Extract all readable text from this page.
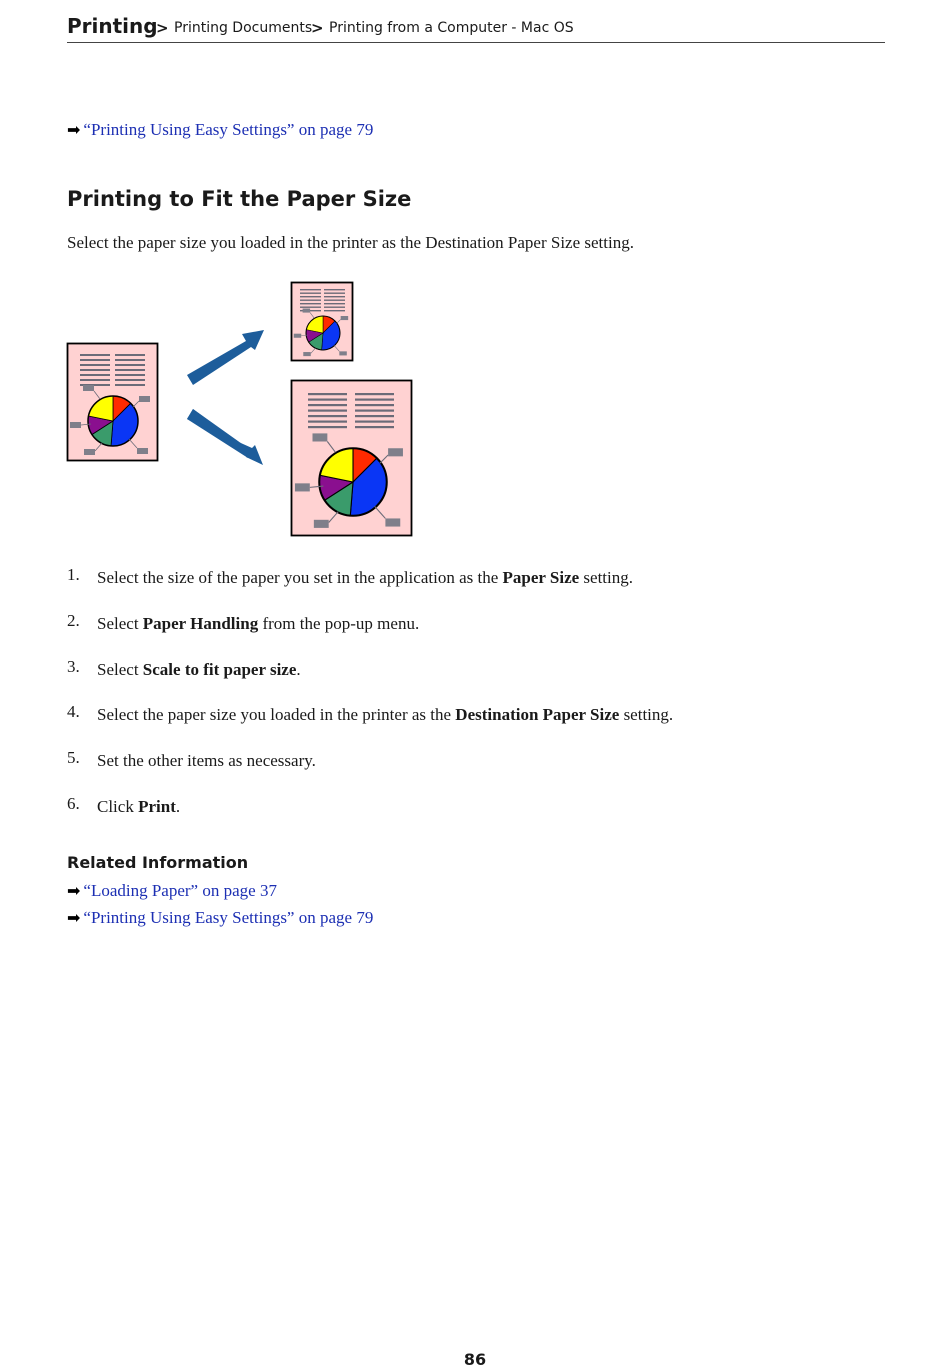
Printing
> Printing Documents
> Printing from a Computer - Mac OS
➡ “Printing Using Easy Settings” on page 79
Printing to Fit the Paper Size

Select the paper size you loaded in the printer as the Destination Paper Size setting.

1.	Select the size of the paper you set in the application as the Paper Size setting.
2.	Select Paper Handling from the pop-up menu.
3.	Select Scale to fit paper size.
4.	Select the paper size you loaded in the printer as the Destination Paper Size setting.
5.	Set the other items as necessary.
6.	Click Print.
Related Information
➡ “Loading Paper” on page 37
➡ “Printing Using Easy Settings” on page 79
86
